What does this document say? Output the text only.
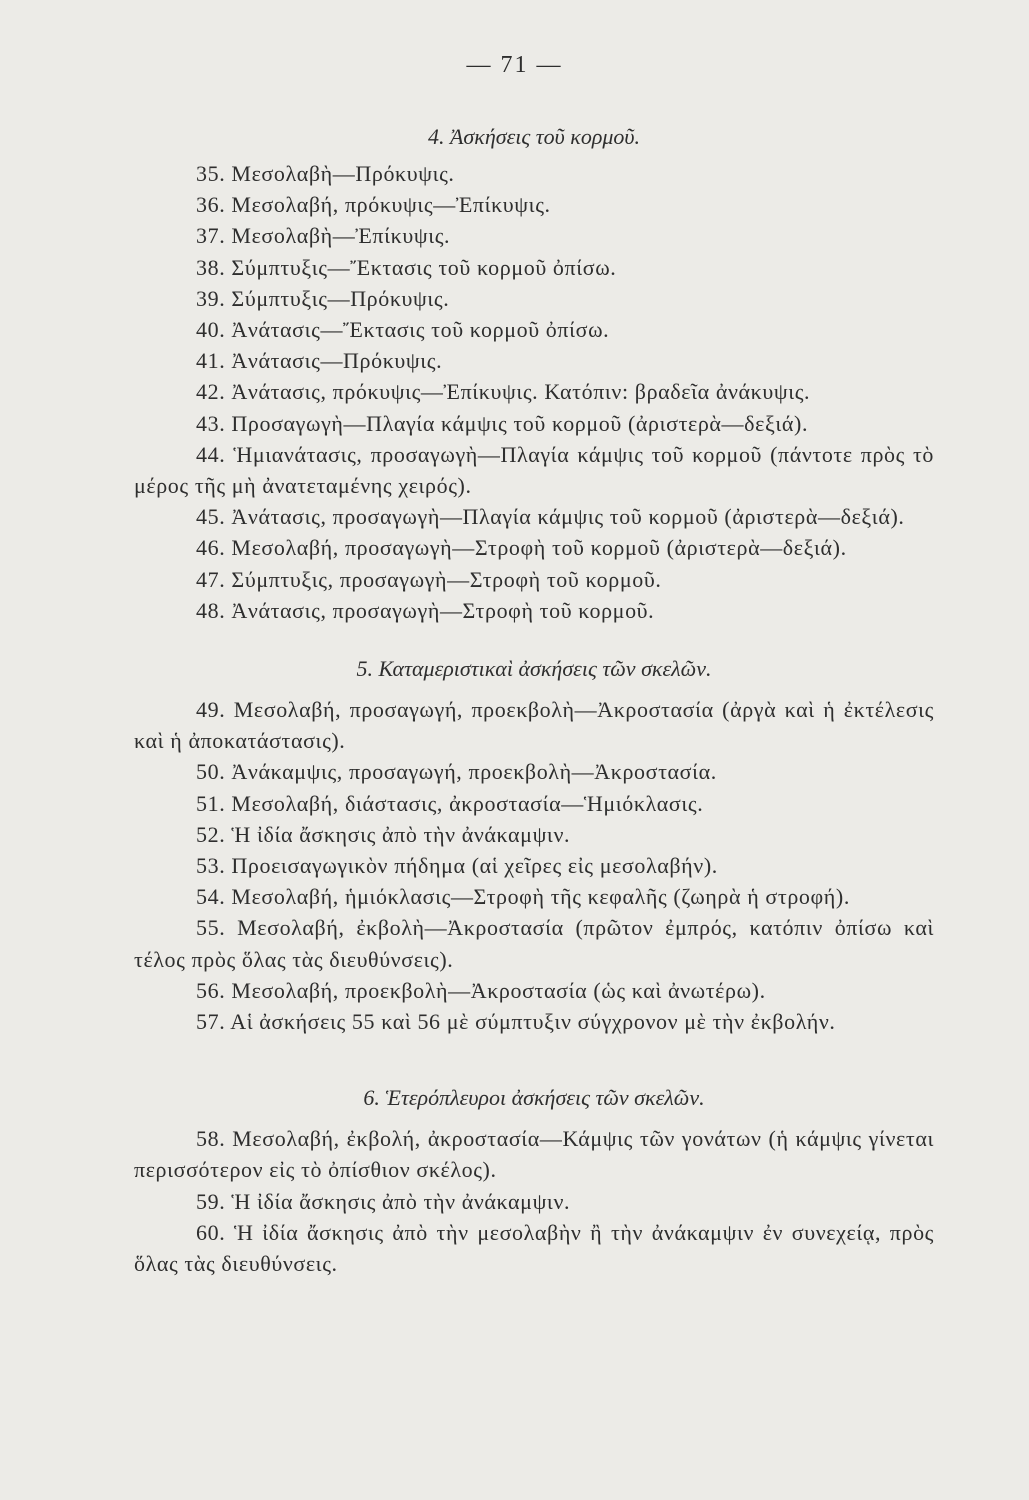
— 71 —
4. Ἀσκήσεις τοῦ κορμοῦ.
35. Μεσολαβὴ—Πρόκυψις.
36. Μεσολαβή, πρόκυψις—Ἐπίκυψις.
37. Μεσολαβὴ—Ἐπίκυψις.
38. Σύμπτυξις—Ἔκτασις τοῦ κορμοῦ ὀπίσω.
39. Σύμπτυξις—Πρόκυψις.
40. Ἀνάτασις—Ἔκτασις τοῦ κορμοῦ ὀπίσω.
41. Ἀνάτασις—Πρόκυψις.
42. Ἀνάτασις, πρόκυψις—Ἐπίκυψις. Κατόπιν: βραδεῖα ἀνάκυψις.
43. Προσαγωγὴ—Πλαγία κάμψις τοῦ κορμοῦ (ἀριστερὰ—δεξιά).
44. Ἡμιανάτασις, προσαγωγὴ—Πλαγία κάμψις τοῦ κορμοῦ (πάντοτε πρὸς τὸ μέρος τῆς μὴ ἀνατεταμένης χειρός).
45. Ἀνάτασις, προσαγωγὴ—Πλαγία κάμψις τοῦ κορμοῦ (ἀριστερὰ—δεξιά).
46. Μεσολαβή, προσαγωγὴ—Στροφὴ τοῦ κορμοῦ (ἀριστερὰ—δεξιά).
47. Σύμπτυξις, προσαγωγὴ—Στροφὴ τοῦ κορμοῦ.
48. Ἀνάτασις, προσαγωγὴ—Στροφὴ τοῦ κορμοῦ.
5. Καταμεριστικαὶ ἀσκήσεις τῶν σκελῶν.
49. Μεσολαβή, προσαγωγή, προεκβολὴ—Ἀκροστασία (ἀργὰ καὶ ἡ ἐκτέλεσις καὶ ἡ ἀποκατάστασις).
50. Ἀνάκαμψις, προσαγωγή, προεκβολὴ—Ἀκροστασία.
51. Μεσολαβή, διάστασις, ἀκροστασία—Ἡμιόκλασις.
52. Ἡ ἰδία ἄσκησις ἀπὸ τὴν ἀνάκαμψιν.
53. Προεισαγωγικὸν πήδημα (αἱ χεῖρες εἰς μεσολαβήν).
54. Μεσολαβή, ἡμιόκλασις—Στροφὴ τῆς κεφαλῆς (ζωηρὰ ἡ στροφή).
55. Μεσολαβή, ἐκβολὴ—Ἀκροστασία (πρῶτον ἐμπρός, κατόπιν ὀπίσω καὶ τέλος πρὸς ὅλας τὰς διευθύνσεις).
56. Μεσολαβή, προεκβολὴ—Ἀκροστασία (ὡς καὶ ἀνωτέρω).
57. Αἱ ἀσκήσεις 55 καὶ 56 μὲ σύμπτυξιν σύγχρονον μὲ τὴν ἐκβολήν.
6. Ἑτερόπλευροι ἀσκήσεις τῶν σκελῶν.
58. Μεσολαβή, ἐκβολή, ἀκροστασία—Κάμψις τῶν γονάτων (ἡ κάμψις γίνεται περισσότερον εἰς τὸ ὀπίσθιον σκέλος).
59. Ἡ ἰδία ἄσκησις ἀπὸ τὴν ἀνάκαμψιν.
60. Ἡ ἰδία ἄσκησις ἀπὸ τὴν μεσολαβὴν ἢ τὴν ἀνάκαμψιν ἐν συνεχείᾳ, πρὸς ὅλας τὰς διευθύνσεις.
